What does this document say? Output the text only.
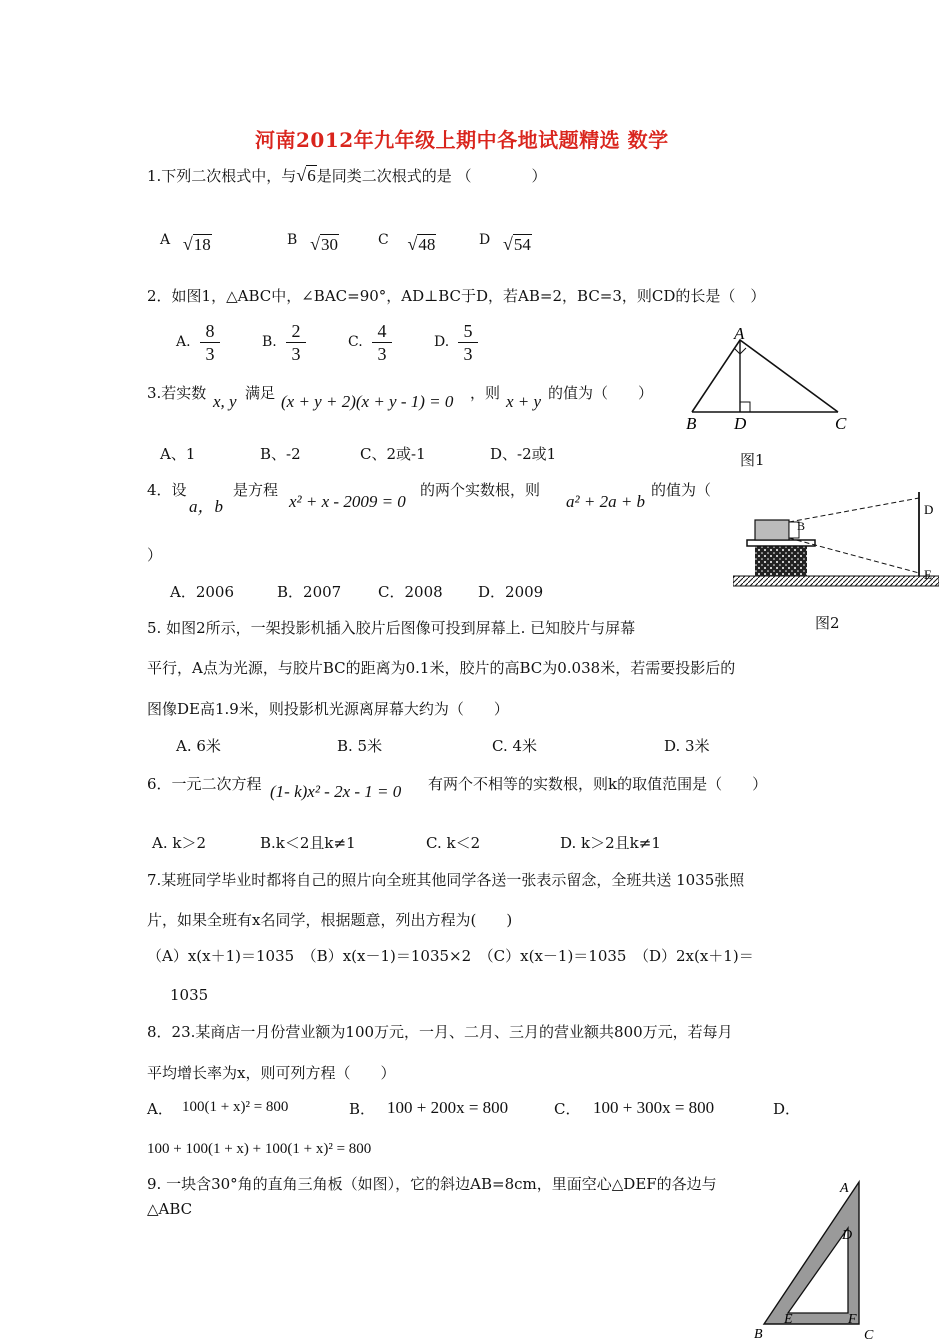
河南2012年九年级上期中各地试题精选 数学
1.下列二次根式中，与√6是同类二次根式的是 （　　　　）
A √18	B √30	C √48	D √54
2．如图1，△ABC中，∠BAC=90°，AD⊥BC于D，若AB=2，BC=3，则CD的长是（　）
A. $\frac{8}{3}$	B. $\frac{2}{3}$	C. $\frac{4}{3}$	D. $\frac{5}{3}$	A
B D	C
图1
3.若实数 x, y 满足 (x + y + 2)(x + y - 1) = 0 ，则 x + y 的值为（　　）
A、1	B、-2	C、2或-1	D、-2或1
4．设
a，b
是方程
x² + x - 2009 = 0
的两个实数根，则
a² + 2a + b
的值为（
）
A．2006	B．2007 C．2008 D．2009
B
D
E
图2
5. 如图2所示，一架投影机插入胶片后图像可投到屏幕上. 已知胶片与屏幕
平行，A点为光源，与胶片BC的距离为0.1米，胶片的高BC为0.038米，若需要投影后的
图像DE高1.9米，则投影机光源离屏幕大约为（　　）
A. 6米	B. 5米	C. 4米	D. 3米
6．一元二次方程 (1- k)x² - 2x - 1 = 0 有两个不相等的实数根，则k的取值范围是（　　）
A. k＞2	B.k＜2且k≠1	C. k＜2	D. k＞2且k≠1
7.某班同学毕业时都将自己的照片向全班其他同学各送一张表示留念，全班共送 1035张照
片，如果全班有x名同学，根据题意，列出方程为(　　)
（A）x(x＋1)＝1035　（B）x(x－1)＝1035×2　（C）x(x－1)＝1035　（D）2x(x＋1)＝
1035
8．23.某商店一月份营业额为100万元，一月、二月、三月的营业额共800万元，若每月
平均增长率为x，则可列方程（　　）
A． 100(1 + x)² = 800	B． 100 + 200x = 800	C． 100 + 300x = 800	D．
100 + 100(1 + x) + 100(1 + x)² = 800
9. 一块含30°角的直角三角板（如图），它的斜边AB=8cm，里面空心△DEF的各边与
△ABC
A
D
E	F
B	C
